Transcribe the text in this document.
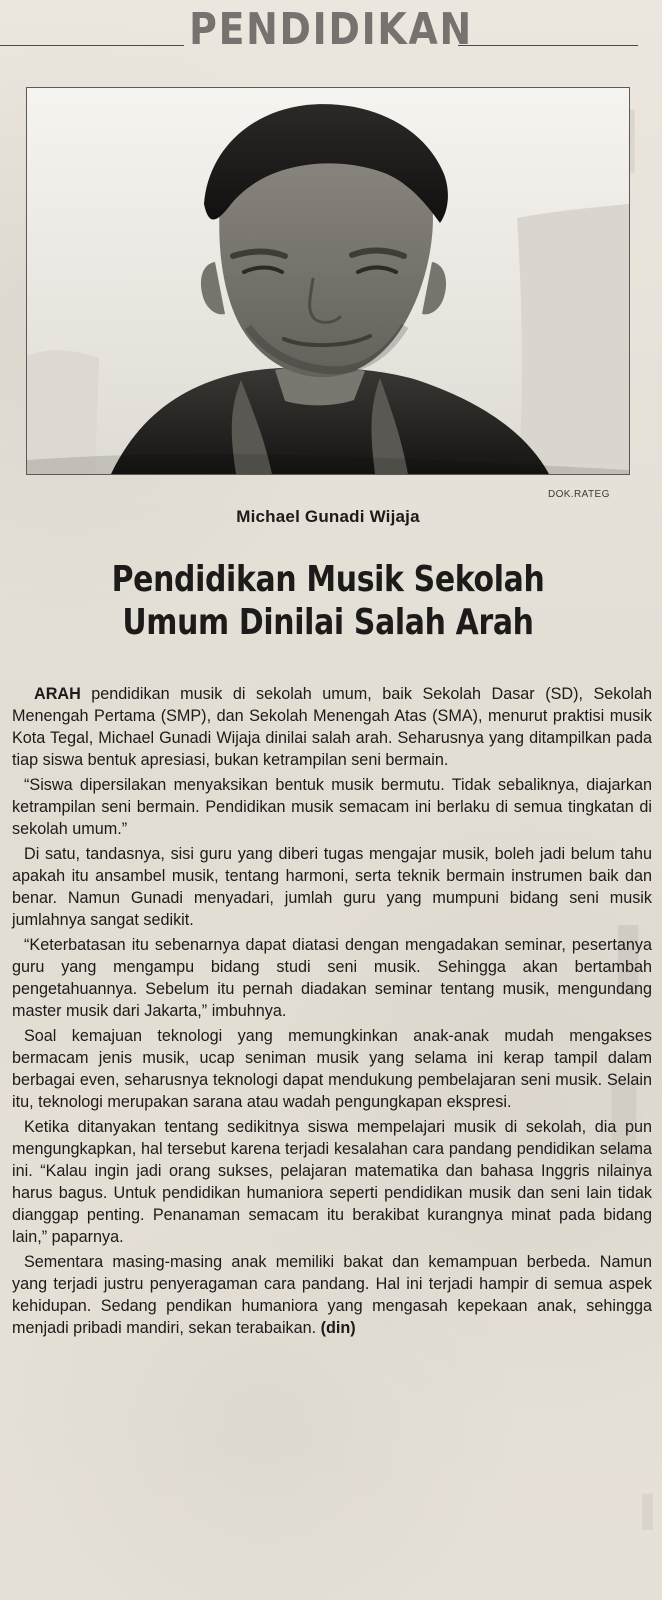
▌
▌
▐
PENDIDIKAN
DOK.RATEG
Michael Gunadi Wijaja
Pendidikan Musik Sekolah
Umum Dinilai Salah Arah

ARAH pendidikan musik di sekolah umum, baik Sekolah Dasar (SD), Sekolah Menengah Pertama (SMP), dan Sekolah Menengah Atas (SMA), menurut praktisi musik Kota Tegal, Michael Gunadi Wijaja dinilai salah arah. Seharusnya yang ditampilkan pada tiap siswa bentuk apresiasi, bukan ketrampilan seni bermain.

“Siswa dipersilakan menyaksikan bentuk musik bermutu. Tidak sebaliknya, diajarkan ketrampilan seni bermain. Pendidikan musik semacam ini berlaku di semua tingkatan di sekolah umum.”

Di satu, tandasnya, sisi guru yang diberi tugas mengajar musik, boleh jadi belum tahu apakah itu ansambel musik, tentang harmoni, serta teknik bermain instrumen baik dan benar. Namun Gunadi menyadari, jumlah guru yang mumpuni bidang seni musik jumlahnya sangat sedikit.

“Keterbatasan itu sebenarnya dapat diatasi dengan mengadakan seminar, pesertanya guru yang mengampu bidang studi seni musik. Sehingga akan bertambah pengetahuannya. Sebelum itu pernah diadakan seminar tentang musik, mengundang master musik dari Jakarta,” imbuhnya.

Soal kemajuan teknologi yang memungkinkan anak-anak mudah mengakses bermacam jenis musik, ucap seniman musik yang selama ini kerap tampil dalam berbagai even, seharusnya teknologi dapat mendukung pembelajaran seni musik. Selain itu, teknologi merupakan sarana atau wadah pengungkapan ekspresi.

Ketika ditanyakan tentang sedikitnya siswa mempelajari musik di sekolah, dia pun mengungkapkan, hal tersebut karena terjadi kesalahan cara pandang pendidikan selama ini. “Kalau ingin jadi orang sukses, pelajaran matematika dan bahasa Inggris nilainya harus bagus. Untuk pendidikan humaniora seperti pendidikan musik dan seni lain tidak dianggap penting. Penanaman semacam itu berakibat kurangnya minat pada bidang lain,” paparnya.

Sementara masing-masing anak memiliki bakat dan kemampuan berbeda. Namun yang terjadi justru penyeragaman cara pandang. Hal ini terjadi hampir di semua aspek kehidupan. Sedang pendikan humaniora yang mengasah kepekaan anak, sehingga menjadi pribadi mandiri, sekan terabaikan. (din)
